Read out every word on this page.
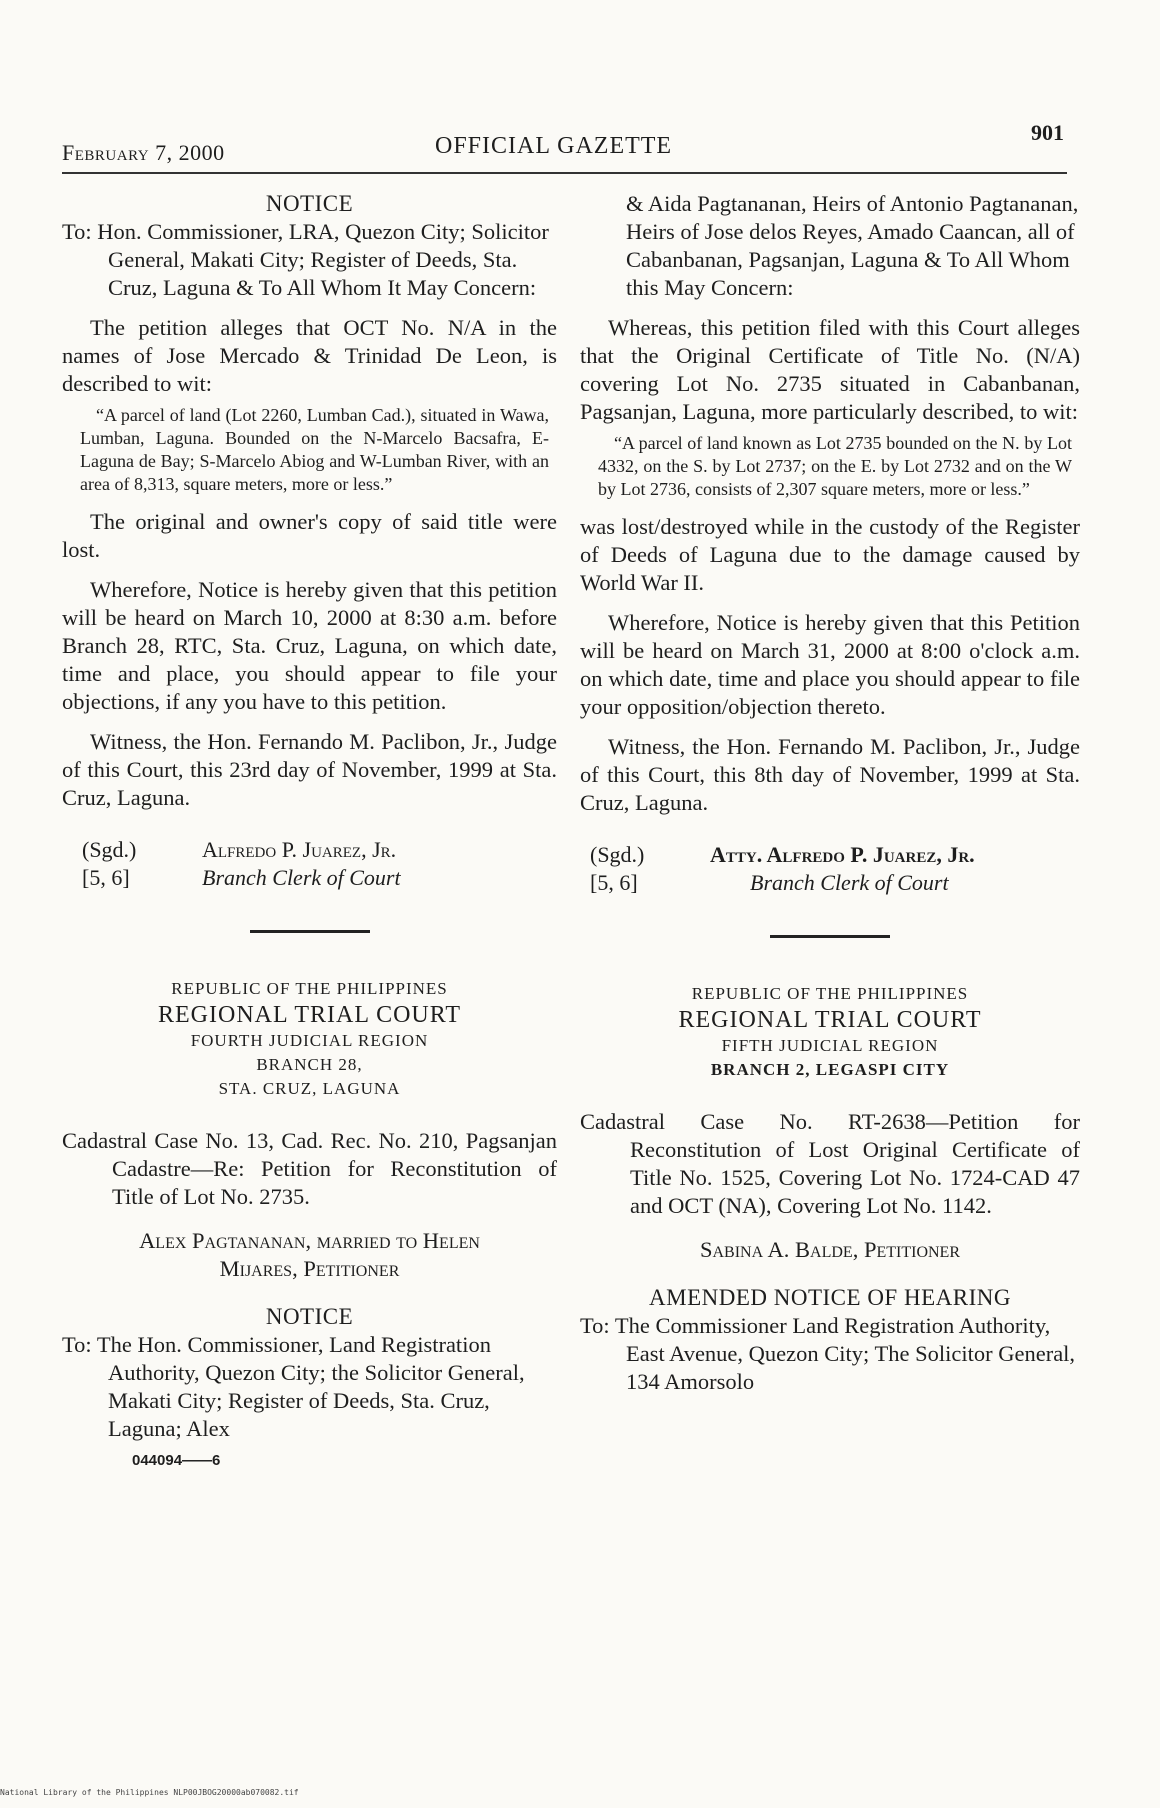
February 7, 2000	OFFICIAL GAZETTE
901

NOTICE

To: Hon. Commissioner, LRA, Quezon City; Solicitor General, Makati City; Register of Deeds, Sta. Cruz, Laguna & To All Whom It May Concern:

The petition alleges that OCT No. N/A in the names of Jose Mercado & Trinidad De Leon, is described to wit:

“A parcel of land (Lot 2260, Lumban Cad.), situated in Wawa, Lumban, Laguna. Bounded on the N-Marcelo Bacsafra, E-Laguna de Bay; S-Marcelo Abiog and W-Lumban River, with an area of 8,313, square meters, more or less.”

The original and owner's copy of said title were lost.

Wherefore, Notice is hereby given that this petition will be heard on March 10, 2000 at 8:30 a.m. before Branch 28, RTC, Sta. Cruz, Laguna, on which date, time and place, you should appear to file your objections, if any you have to this petition.

Witness, the Hon. Fernando M. Paclibon, Jr., Judge of this Court, this 23rd day of November, 1999 at Sta. Cruz, Laguna.

(Sgd.)
[5, 6]
Alfredo P. Juarez, Jr.
Branch Clerk of Court
REPUBLIC OF THE PHILIPPINES
REGIONAL TRIAL COURT
FOURTH JUDICIAL REGION
BRANCH 28,
STA. CRUZ, LAGUNA

Cadastral Case No. 13, Cad. Rec. No. 210, Pagsanjan Cadastre—Re: Petition for Reconstitution of Title of Lot No. 2735.

Alex Pagtananan, married to Helen Mijares, Petitioner

NOTICE

To: The Hon. Commissioner, Land Registration Authority, Quezon City; the Solicitor General, Makati City; Register of Deeds, Sta. Cruz, Laguna; Alex

044094——6

& Aida Pagtananan, Heirs of Antonio Pagtananan, Heirs of Jose delos Reyes, Amado Caancan, all of Cabanbanan, Pagsanjan, Laguna & To All Whom this May Concern:

Whereas, this petition filed with this Court alleges that the Original Certificate of Title No. (N/A) covering Lot No. 2735 situated in Cabanbanan, Pagsanjan, Laguna, more particularly described, to wit:

“A parcel of land known as Lot 2735 bounded on the N. by Lot 4332, on the S. by Lot 2737; on the E. by Lot 2732 and on the W by Lot 2736, consists of 2,307 square meters, more or less.”

was lost/destroyed while in the custody of the Register of Deeds of Laguna due to the damage caused by World War II.

Wherefore, Notice is hereby given that this Petition will be heard on March 31, 2000 at 8:00 o'clock a.m. on which date, time and place you should appear to file your opposition/objection thereto.

Witness, the Hon. Fernando M. Paclibon, Jr., Judge of this Court, this 8th day of November, 1999 at Sta. Cruz, Laguna.

(Sgd.)
[5, 6]
Atty. Alfredo P. Juarez, Jr.
Branch Clerk of Court
REPUBLIC OF THE PHILIPPINES
REGIONAL TRIAL COURT
FIFTH JUDICIAL REGION
BRANCH 2, LEGASPI CITY

Cadastral Case No. RT-2638—Petition for Reconstitution of Lost Original Certificate of Title No. 1525, Covering Lot No. 1724-CAD 47 and OCT (NA), Covering Lot No. 1142.

Sabina A. Balde, Petitioner

AMENDED NOTICE OF HEARING

To: The Commissioner Land Registration Authority, East Avenue, Quezon City; The Solicitor General, 134 Amorsolo

National Library of the Philippines NLP00JBOG20000ab070082.tif
